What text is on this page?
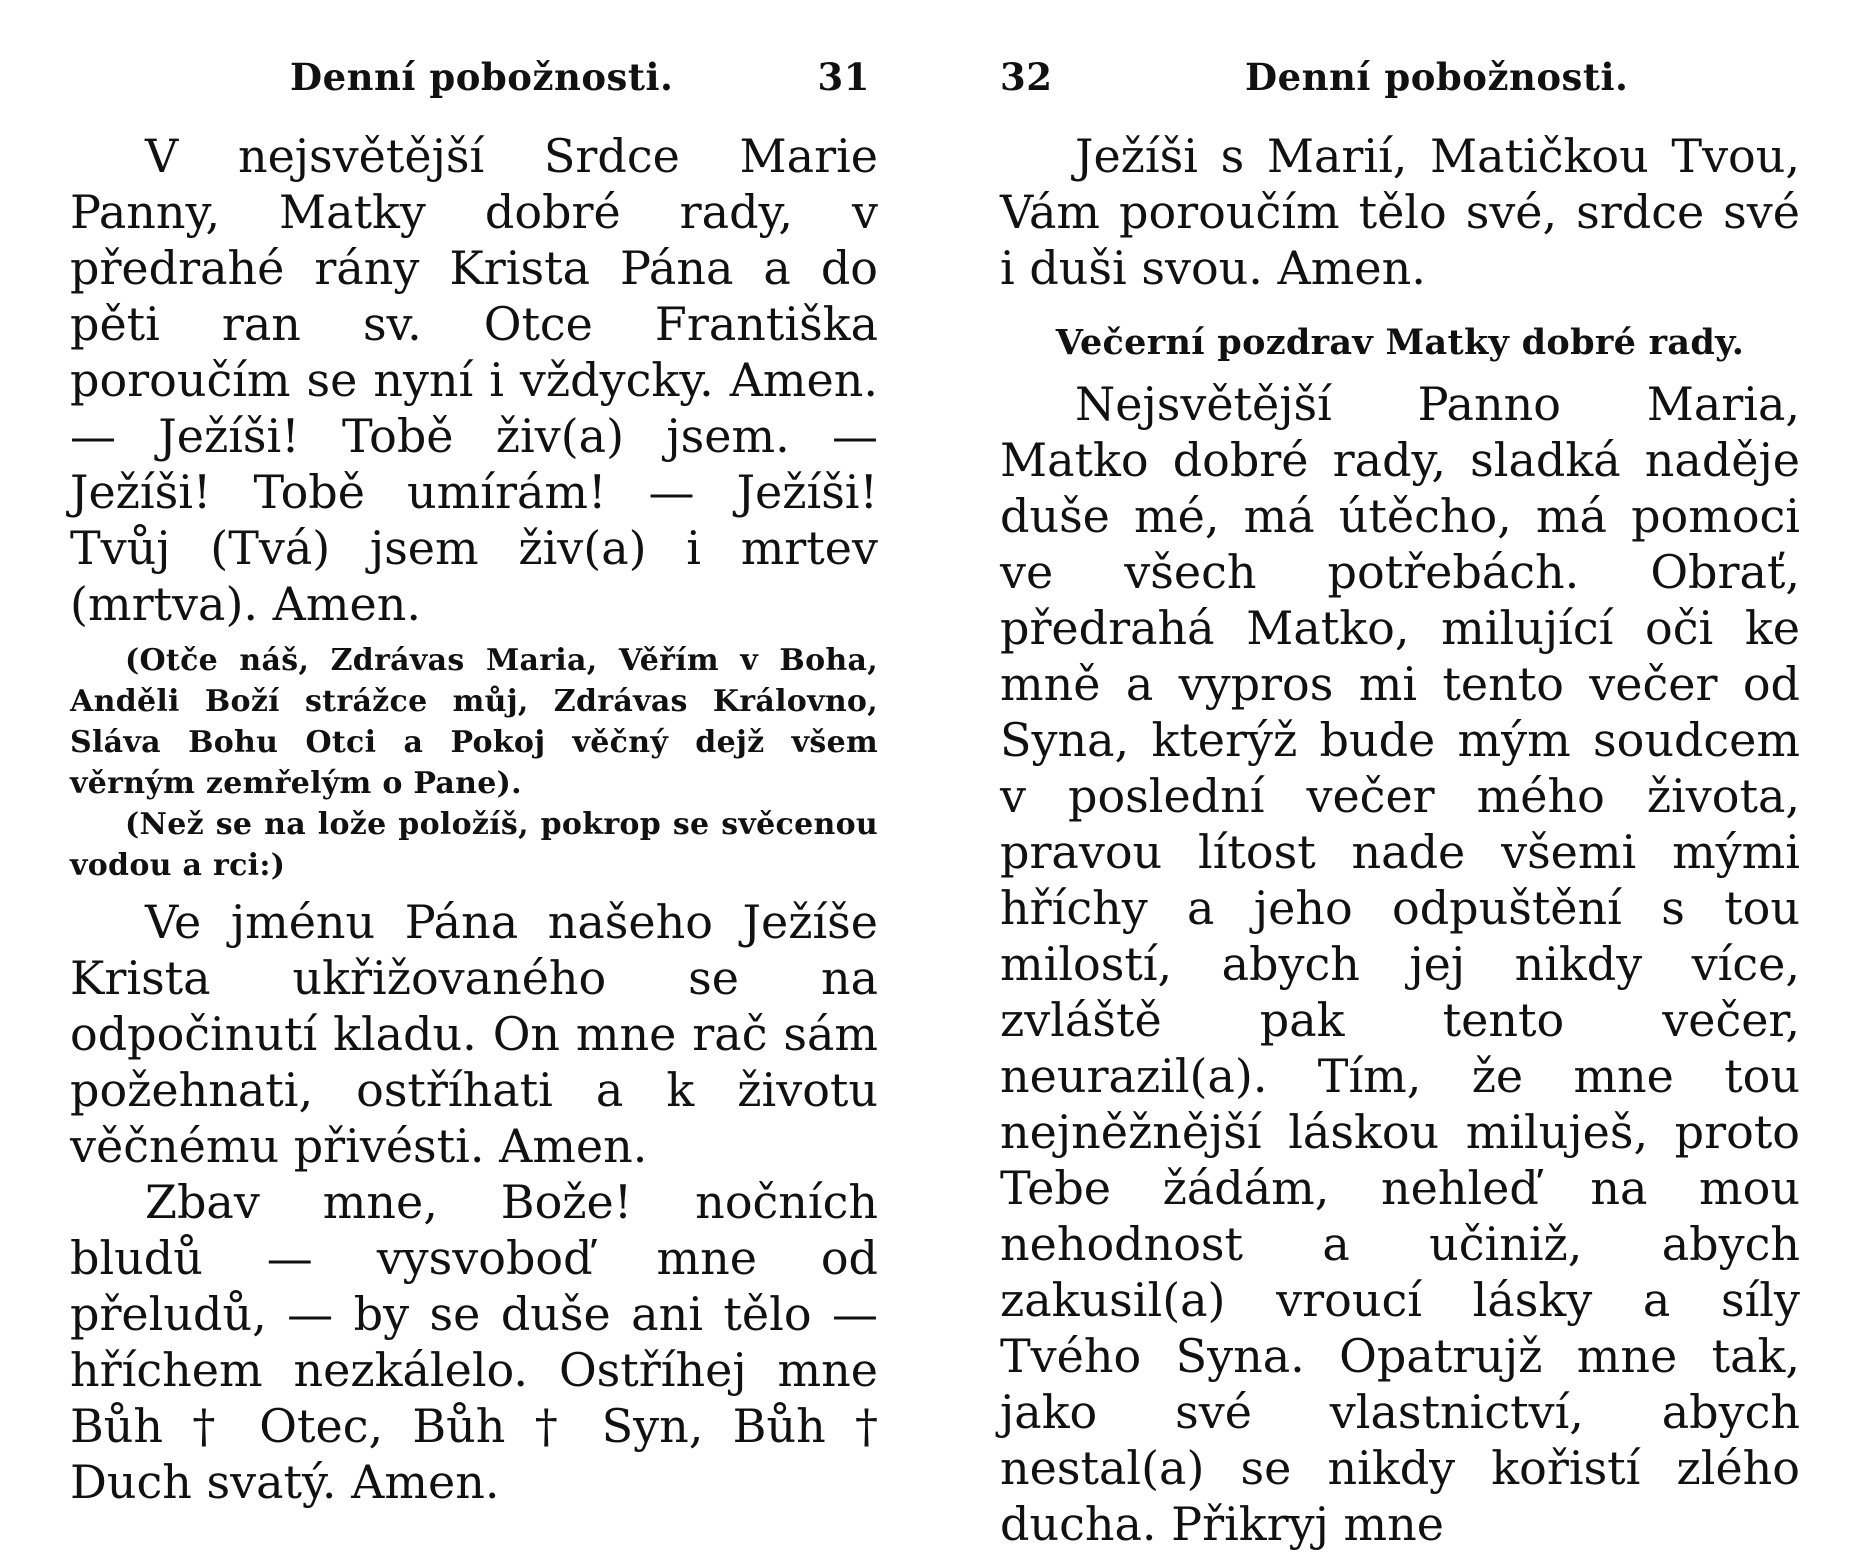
Denní pobožnosti.	31

V nejsvětější Srdce Marie Panny, Matky dobré rady, v předrahé rány Krista Pána a do pěti ran sv. Otce Františka poroučím se nyní i vždycky. Amen. — Ježíši! Tobě živ(a) jsem. — Ježíši! Tobě umírám! — Ježíši! Tvůj (Tvá) jsem živ(a) i mrtev (mrtva). Amen.

(Otče náš, Zdrávas Maria, Věřím v Boha, Anděli Boží strážce můj, Zdrávas Královno, Sláva Bohu Otci a Pokoj věčný dejž všem věrným zemřelým o Pane).

(Než se na lože položíš, pokrop se svěcenou vodou a rci:)

Ve jménu Pána našeho Ježíše Krista ukřižovaného se na odpočinutí kladu. On mne rač sám požehnati, ostříhati a k životu věčnému přivésti. Amen.

Zbav mne, Bože! nočních bludů — vysvoboď mne od přeludů, — by se duše ani tělo — hříchem nezkálelo. Ostříhej mne Bůh † Otec, Bůh † Syn, Bůh † Duch svatý. Amen.

32	Denní pobožnosti.

Ježíši s Marií, Matičkou Tvou, Vám poroučím tělo své, srdce své i duši svou. Amen.

Večerní pozdrav Matky dobré rady.

Nejsvětější Panno Maria, Matko dobré rady, sladká naděje duše mé, má útěcho, má pomoci ve všech potřebách. Obrať, předrahá Matko, milující oči ke mně a vypros mi tento večer od Syna, kterýž bude mým soudcem v poslední večer mého života, pravou lítost nade všemi mými hříchy a jeho odpuštění s tou milostí, abych jej nikdy více, zvláště pak tento večer, neurazil(a). Tím, že mne tou nejněžnější láskou miluješ, proto Tebe žádám, nehleď na mou nehodnost a učiniž, abych zakusil(a) vroucí lásky a síly Tvého Syna. Opatrujž mne tak, jako své vlastnictví, abych nestal(a) se nikdy kořistí zlého ducha. Přikryj mne
